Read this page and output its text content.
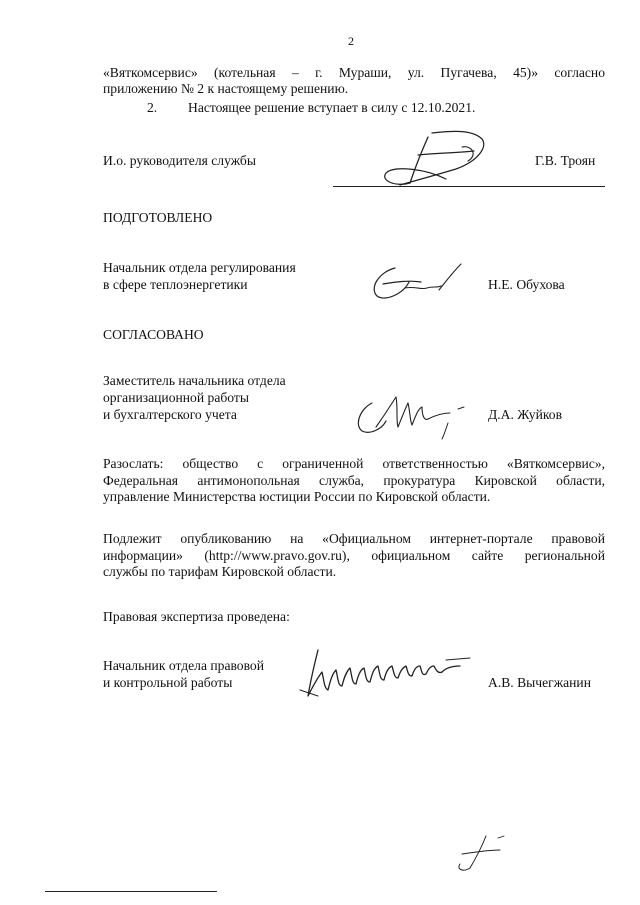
2
«Вяткомсервис» (котельная – г. Мураши, ул. Пугачева, 45)» согласно
приложению № 2 к настоящему решению.
2. Настоящее решение вступает в силу с 12.10.2021.
И.о. руководителя службы	Г.В. Троян
ПОДГОТОВЛЕНО
Начальник отдела регулирования
в сфере теплоэнергетики	Н.Е. Обухова
СОГЛАСОВАНО
Заместитель начальника отдела
организационной работы
и бухгалтерского учета	Д.А. Жуйков
Разослать: общество с ограниченной ответственностью «Вяткомсервис»,
Федеральная антимонопольная служба, прокуратура Кировской области,
управление Министерства юстиции России по Кировской области.
Подлежит опубликованию на «Официальном интернет-портале правовой
информации» (http://www.pravo.gov.ru), официальном сайте региональной
службы по тарифам Кировской области.
Правовая экспертиза проведена:
Начальник отдела правовой
и контрольной работы	А.В. Вычегжанин
